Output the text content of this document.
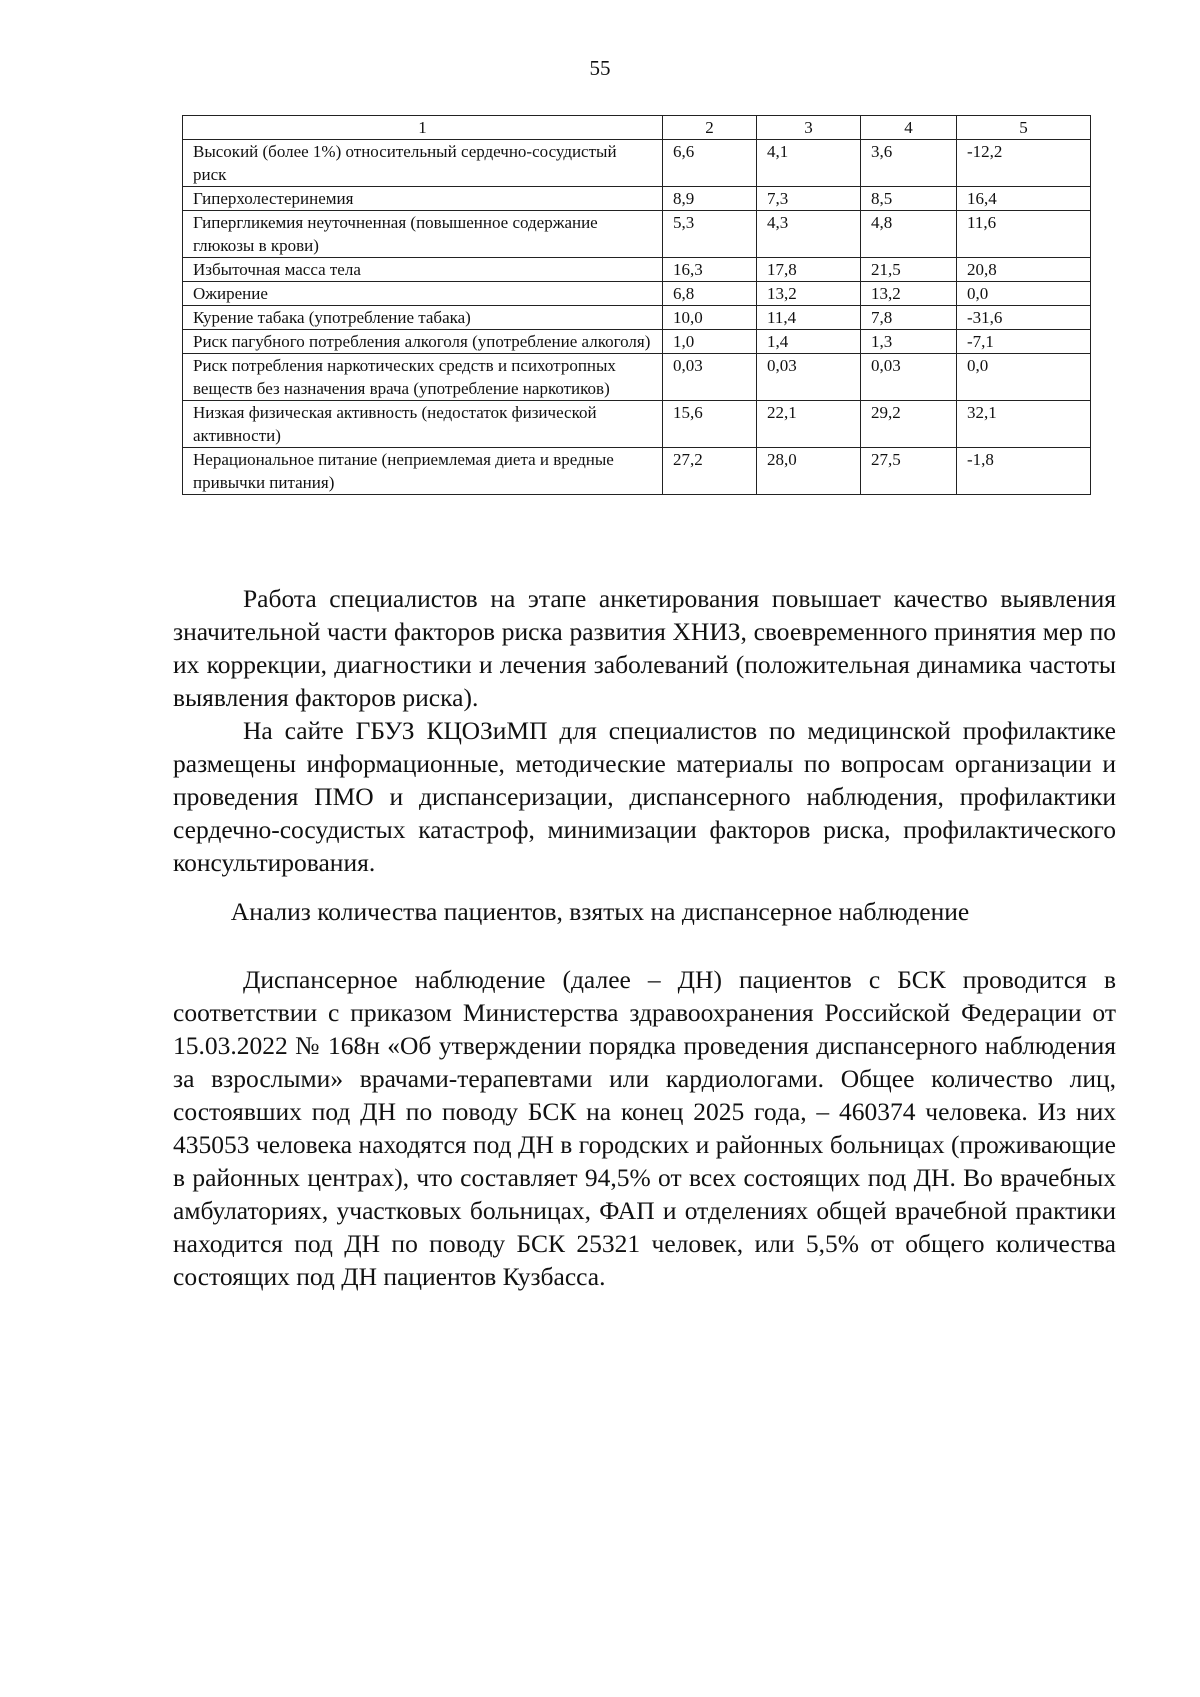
55
1	2	3	4	5
Высокий (более 1%) относительный сердечно-сосудистый риск	6,6	4,1	3,6	-12,2
Гиперхолестеринемия	8,9	7,3	8,5	16,4
Гипергликемия неуточненная (повышенное содержание глюкозы в крови)	5,3	4,3	4,8	11,6
Избыточная масса тела	16,3	17,8	21,5	20,8
Ожирение	6,8	13,2	13,2	0,0
Курение табака (употребление табака)	10,0	11,4	7,8	-31,6
Риск пагубного потребления алкоголя (употребление алкоголя)	1,0	1,4	1,3	-7,1
Риск потребления наркотических средств и психотропных веществ без назначения врача (употребление наркотиков)	0,03	0,03	0,03	0,0
Низкая физическая активность (недостаток физической активности)	15,6	22,1	29,2	32,1
Нерациональное питание (неприемлемая диета и вредные привычки питания)	27,2	28,0	27,5	-1,8

Работа специалистов на этапе анкетирования повышает качество выявления значительной части факторов риска развития ХНИЗ, своевременного принятия мер по их коррекции, диагностики и лечения заболеваний (положительная динамика частоты выявления факторов риска).

На сайте ГБУЗ КЦОЗиМП для специалистов по медицинской профилактике размещены информационные, методические материалы по вопросам организации и проведения ПМО и диспансеризации, диспансерного наблюдения, профилактики сердечно-сосудистых катастроф, минимизации факторов риска, профилактического консультирования.

Анализ количества пациентов, взятых на диспансерное наблюдение

Диспансерное наблюдение (далее – ДН) пациентов с БСК проводится в соответствии с приказом Министерства здравоохранения Российской Федерации от 15.03.2022 № 168н «Об утверждении порядка проведения диспансерного наблюдения за взрослыми» врачами-терапевтами или кардиологами. Общее количество лиц, состоявших под ДН по поводу БСК на конец 2025 года, – 460374 человека. Из них 435053 человека находятся под ДН в городских и районных больницах (проживающие в районных центрах), что составляет 94,5% от всех состоящих под ДН. Во врачебных амбулаториях, участковых больницах, ФАП и отделениях общей врачебной практики находится под ДН по поводу БСК 25321 человек, или 5,5% от общего количества состоящих под ДН пациентов Кузбасса.
